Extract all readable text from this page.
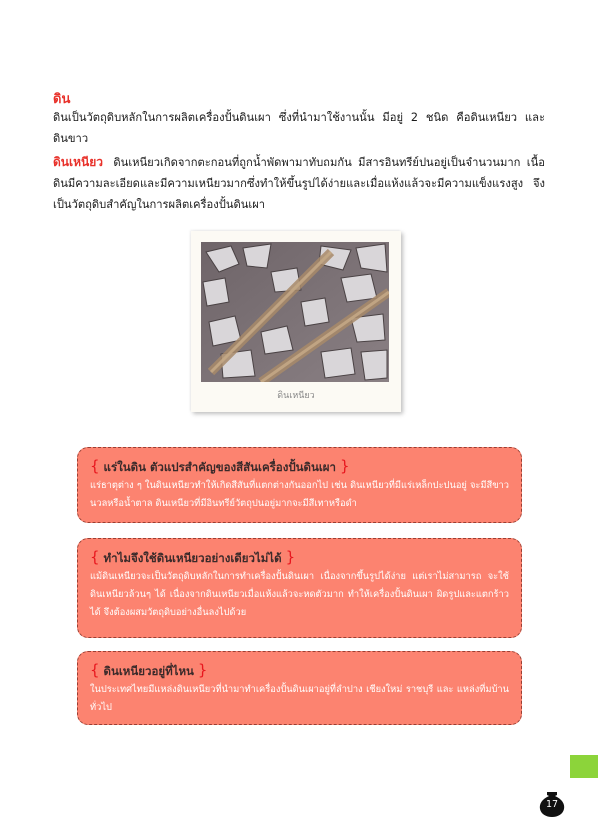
ดิน
ดินเป็นวัตถุดิบหลักในการผลิตเครื่องปั้นดินเผา ซึ่งที่นำมาใช้งานนั้น มีอยู่ 2 ชนิด คือดินเหนียว และดินขาว
ดินเหนียว ดินเหนียวเกิดจากตะกอนที่ถูกน้ำพัดพามาทับถมกัน มีสารอินทรีย์ปนอยู่เป็นจำนวนมาก เนื้อดินมีความละเอียดและมีความเหนียวมากซึ่งทำให้ขึ้นรูปได้ง่ายและเมื่อแห้งแล้วจะมีความแข็งแรงสูง จึงเป็นวัตถุดิบสำคัญในการผลิตเครื่องปั้นดินเผา
ดินเหนียว
{ แร่ในดิน ตัวแปรสำคัญของสีสันเครื่องปั้นดินเผา }
แร่ธาตุต่าง ๆ ในดินเหนียวทำให้เกิดสีสันที่แตกต่างกันออกไป เช่น ดินเหนียวที่มีแร่เหล็กปะปนอยู่ จะมีสีขาวนวลหรือน้ำตาล ดินเหนียวที่มีอินทรีย์วัตถุปนอยู่มากจะมีสีเทาหรือดำ
{ ทำไมจึงใช้ดินเหนียวอย่างเดียวไม่ได้ }
แม้ดินเหนียวจะเป็นวัตถุดิบหลักในการทำเครื่องปั้นดินเผา เนื่องจากขึ้นรูปได้ง่าย แต่เราไม่สามารถ จะใช้ดินเหนียวล้วนๆ ได้ เนื่องจากดินเหนียวเมื่อแห้งแล้วจะหดตัวมาก ทำให้เครื่องปั้นดินเผา ผิดรูปและแตกร้าวได้ จึงต้องผสมวัตถุดิบอย่างอื่นลงไปด้วย
{ ดินเหนียวอยู่ที่ไหน }
ในประเทศไทยมีแหล่งดินเหนียวที่นำมาทำเครื่องปั้นดินเผาอยู่ที่ลำปาง เชียงใหม่ ราชบุรี และ แหล่งที่มบ้านทั่วไป
17
